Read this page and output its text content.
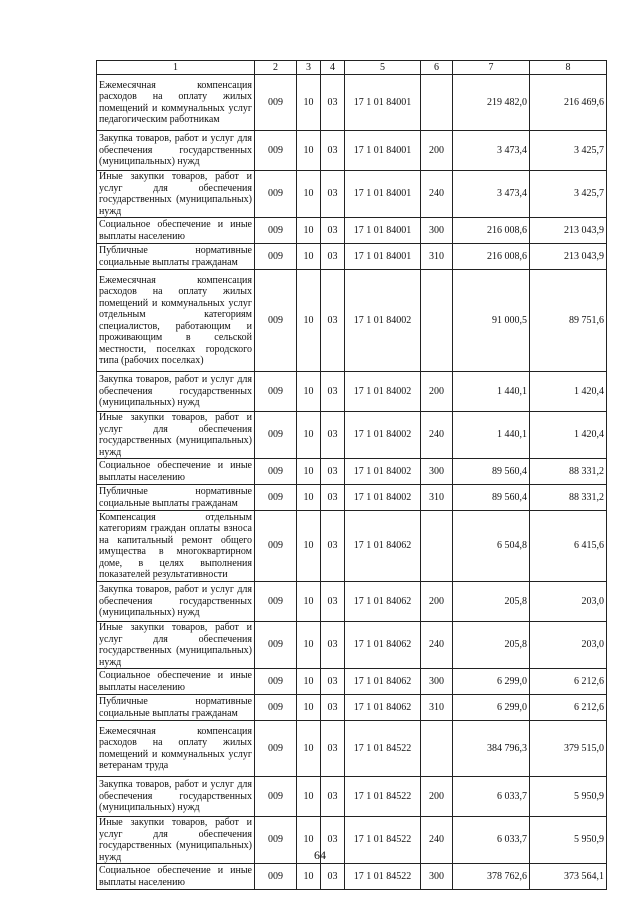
1	2	3	4	5	6	7	8
Ежемесячная компенсация расходов на оплату жилых помещений и коммунальных услуг педагогическим работникам	009	10	03	17 1 01 84001		219 482,0	216 469,6
Закупка товаров, работ и услуг для обеспечения государственных (муниципальных) нужд	009	10	03	17 1 01 84001	200	3 473,4	3 425,7
Иные закупки товаров, работ и услуг для обеспечения государственных (муниципальных) нужд	009	10	03	17 1 01 84001	240	3 473,4	3 425,7
Социальное обеспечение и иные выплаты населению	009	10	03	17 1 01 84001	300	216 008,6	213 043,9
Публичные нормативные социальные выплаты гражданам	009	10	03	17 1 01 84001	310	216 008,6	213 043,9
Ежемесячная компенсация расходов на оплату жилых помещений и коммунальных услуг отдельным категориям специалистов, работающим и проживающим в сельской местности, поселках городского типа (рабочих поселках)	009	10	03	17 1 01 84002		91 000,5	89 751,6
Закупка товаров, работ и услуг для обеспечения государственных (муниципальных) нужд	009	10	03	17 1 01 84002	200	1 440,1	1 420,4
Иные закупки товаров, работ и услуг для обеспечения государственных (муниципальных) нужд	009	10	03	17 1 01 84002	240	1 440,1	1 420,4
Социальное обеспечение и иные выплаты населению	009	10	03	17 1 01 84002	300	89 560,4	88 331,2
Публичные нормативные социальные выплаты гражданам	009	10	03	17 1 01 84002	310	89 560,4	88 331,2
Компенсация отдельным категориям граждан оплаты взноса на капитальный ремонт общего имущества в многоквартирном доме, в целях выполнения показателей результативности	009	10	03	17 1 01 84062		6 504,8	6 415,6
Закупка товаров, работ и услуг для обеспечения государственных (муниципальных) нужд	009	10	03	17 1 01 84062	200	205,8	203,0
Иные закупки товаров, работ и услуг для обеспечения государственных (муниципальных) нужд	009	10	03	17 1 01 84062	240	205,8	203,0
Социальное обеспечение и иные выплаты населению	009	10	03	17 1 01 84062	300	6 299,0	6 212,6
Публичные нормативные социальные выплаты гражданам	009	10	03	17 1 01 84062	310	6 299,0	6 212,6
Ежемесячная компенсация расходов на оплату жилых помещений и коммунальных услуг ветеранам труда	009	10	03	17 1 01 84522		384 796,3	379 515,0
Закупка товаров, работ и услуг для обеспечения государственных (муниципальных) нужд	009	10	03	17 1 01 84522	200	6 033,7	5 950,9
Иные закупки товаров, работ и услуг для обеспечения государственных (муниципальных) нужд	009	10	03	17 1 01 84522	240	6 033,7	5 950,9
Социальное обеспечение и иные выплаты населению	009	10	03	17 1 01 84522	300	378 762,6	373 564,1
64
